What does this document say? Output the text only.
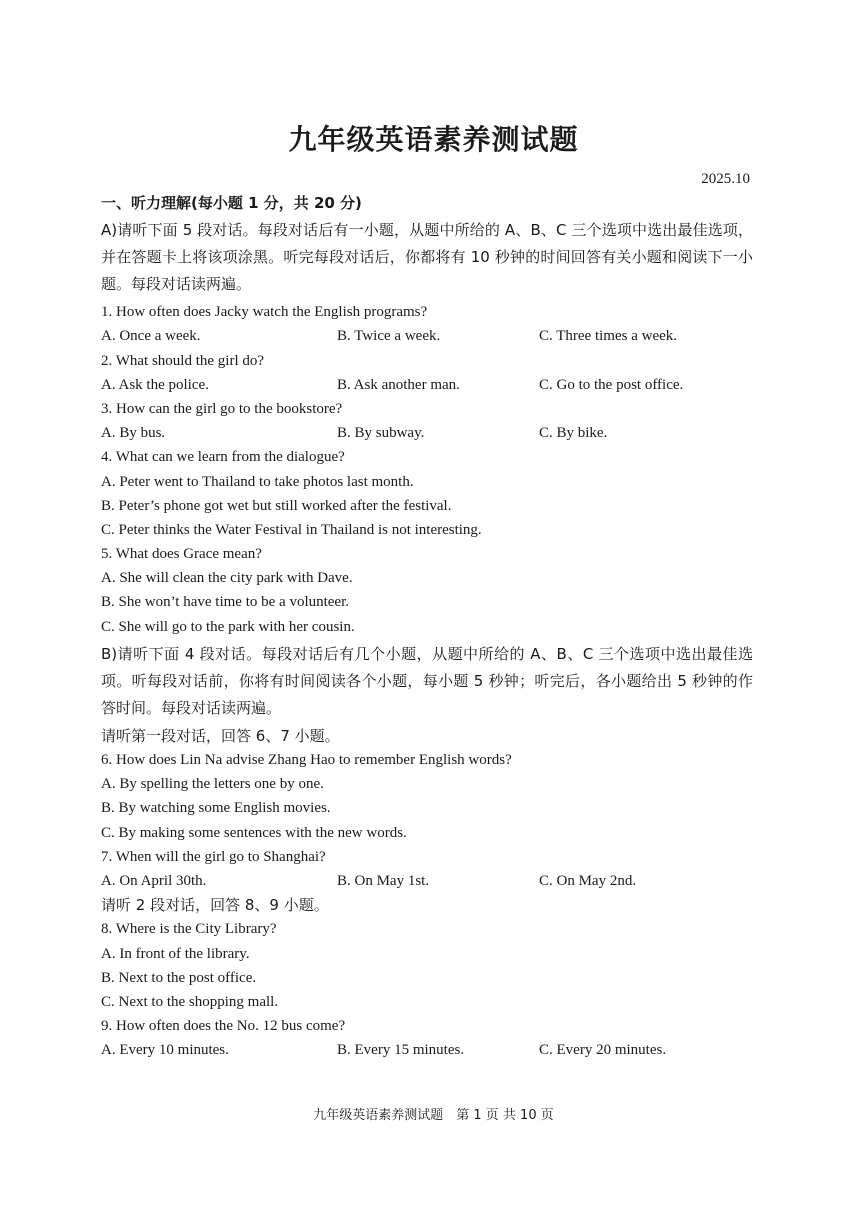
九年级英语素养测试题
2025.10
一、听力理解(每小题 1 分，共 20 分)
A)请听下面 5 段对话。每段对话后有一小题，从题中所给的 A、B、C 三个选项中选出最佳选项，并在答题卡上将该项涂黑。听完每段对话后，你都将有 10 秒钟的时间回答有关小题和阅读下一小题。每段对话读两遍。
1. How often does Jacky watch the English programs?
A. Once a week.	B. Twice a week.	C. Three times a week.
2. What should the girl do?
A. Ask the police.	B. Ask another man.	C. Go to the post office.
3. How can the girl go to the bookstore?
A. By bus.	B. By subway.	C. By bike.
4. What can we learn from the dialogue?
A. Peter went to Thailand to take photos last month.
B. Peter’s phone got wet but still worked after the festival.
C. Peter thinks the Water Festival in Thailand is not interesting.
5. What does Grace mean?
A. She will clean the city park with Dave.
B. She won’t have time to be a volunteer.
C. She will go to the park with her cousin.
B)请听下面 4 段对话。每段对话后有几个小题，从题中所给的 A、B、C 三个选项中选出最佳选项。听每段对话前，你将有时间阅读各个小题，每小题 5 秒钟；听完后，各小题给出 5 秒钟的作答时间。每段对话读两遍。
请听第一段对话，回答 6、7 小题。
6. How does Lin Na advise Zhang Hao to remember English words?
A. By spelling the letters one by one.
B. By watching some English movies.
C. By making some sentences with the new words.
7. When will the girl go to Shanghai?
A. On April 30th.	B. On May 1st.	C. On May 2nd.
请听 2 段对话，回答 8、9 小题。
8. Where is the City Library?
A. In front of the library.
B. Next to the post office.
C. Next to the shopping mall.
9. How often does the No. 12 bus come?
A. Every 10 minutes.	B. Every 15 minutes.	C. Every 20 minutes.
九年级英语素养测试题　第 1 页 共 10 页
